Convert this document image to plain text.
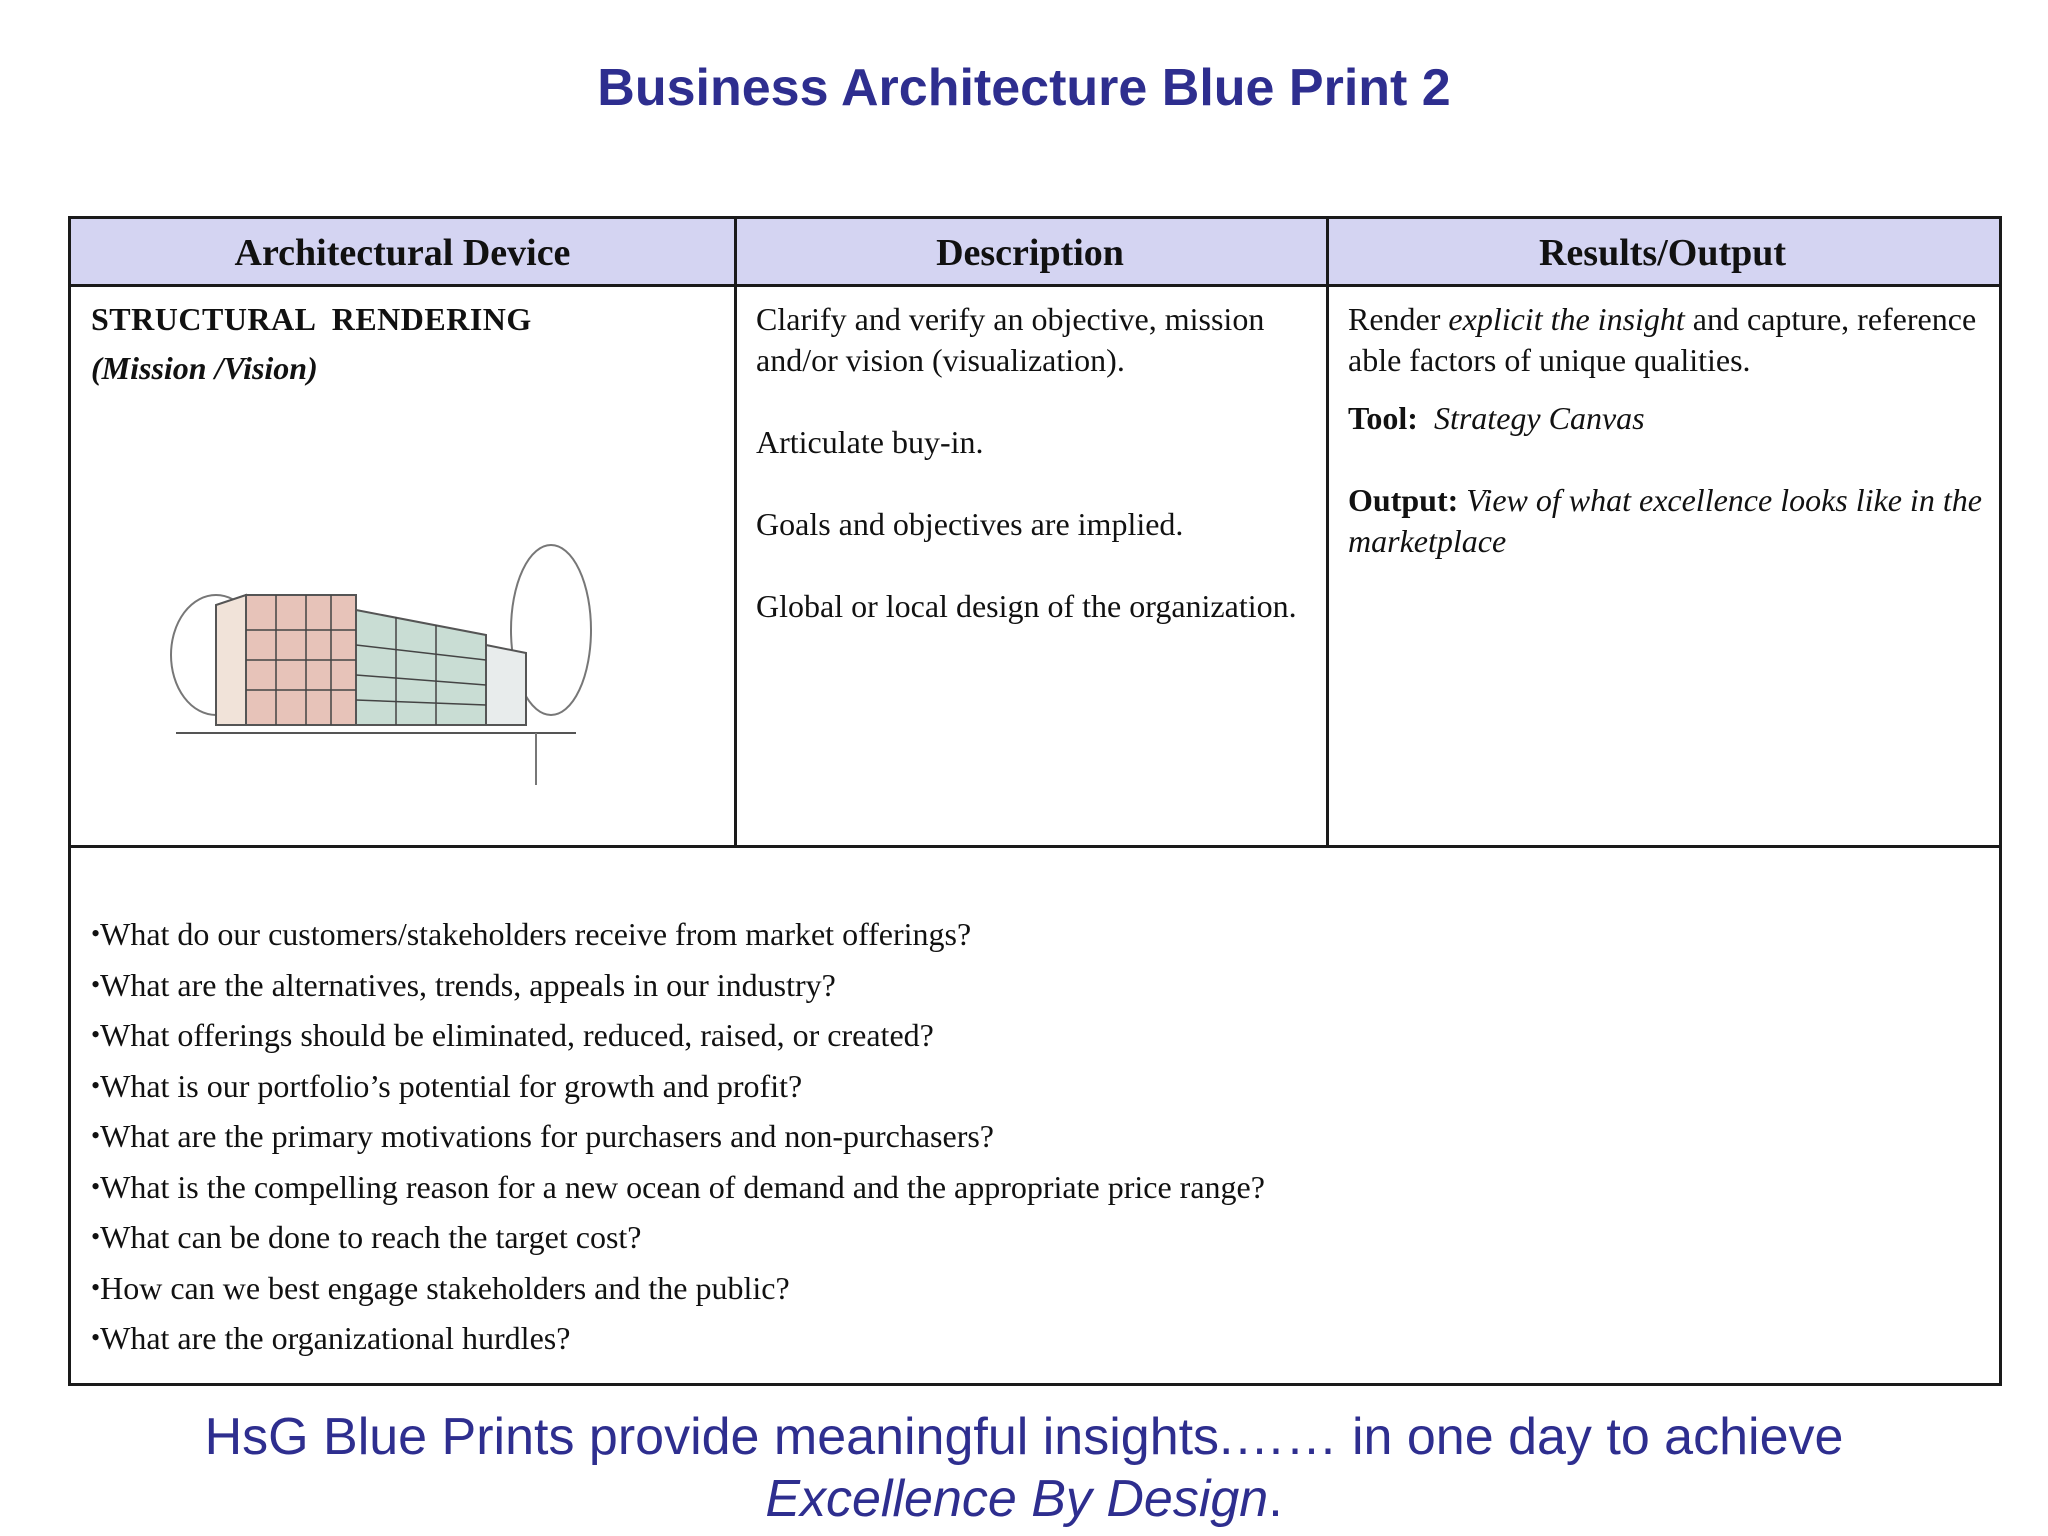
Business Architecture Blue Print 2
Architectural Device	Description	Results/Output
STRUCTURAL  RENDERING
(Mission /Vision)

Clarify and verify an objective, mission and/or vision (visualization).

Articulate buy-in.

Goals and objectives are implied.

Global or local design of the organization.

Render explicit the insight and capture, reference able factors of unique qualities.

Tool: Strategy Canvas

Output: View of what excellence looks like in the marketplace

• What do our customers/stakeholders receive from market offerings?
• What are the alternatives, trends, appeals in our industry?
• What offerings should be eliminated, reduced, raised, or created?
• What is our portfolio’s potential for growth and profit?
• What are the primary motivations for purchasers and non-purchasers?
• What is the compelling reason for a new ocean of demand and the appropriate price range?
• What can be done to reach the target cost?
• How can we best engage stakeholders and the public?
• What are the organizational hurdles?
HsG Blue Prints provide meaningful insights.…… in one day to achieve
Excellence By Design.
